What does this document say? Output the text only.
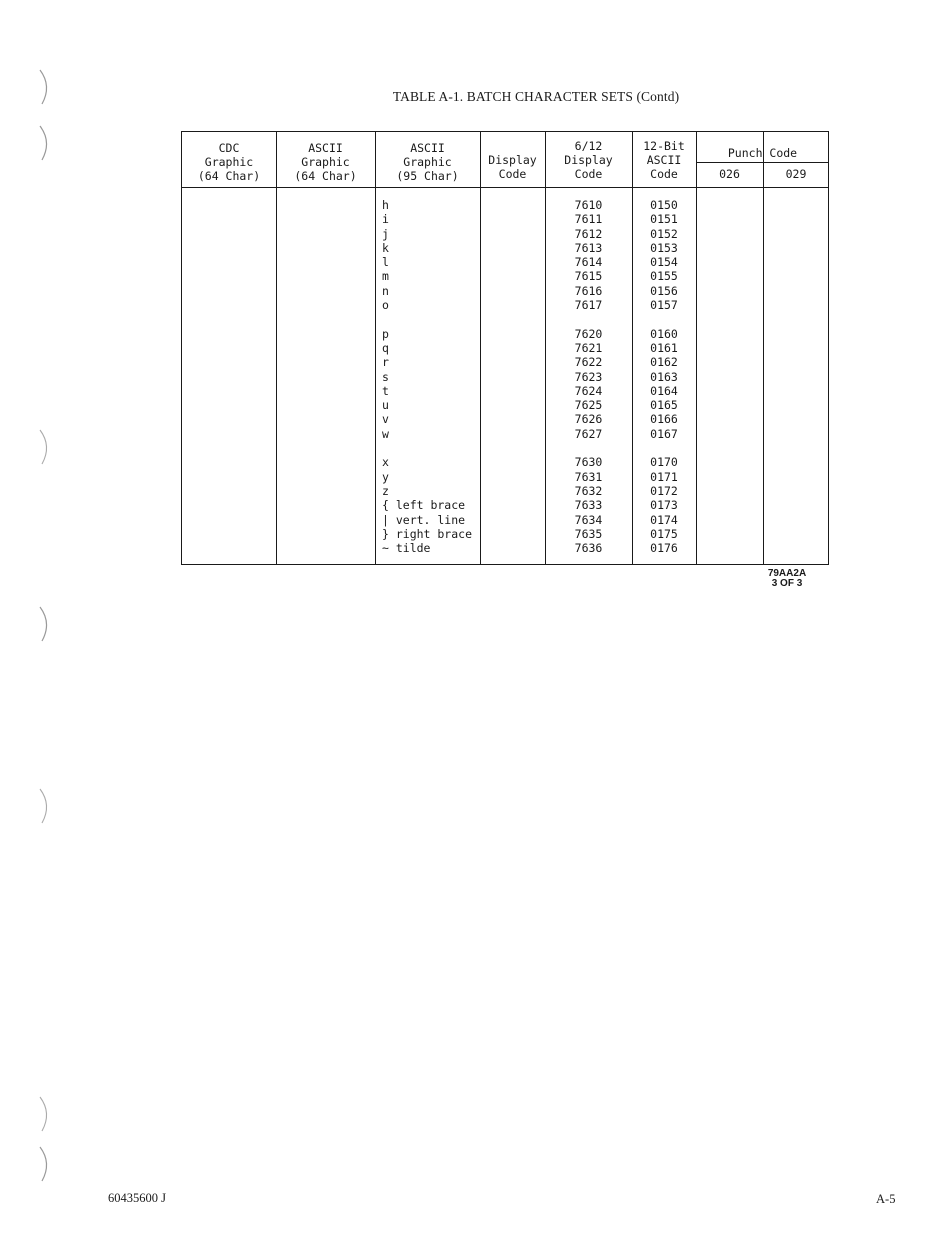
TABLE A-1. BATCH CHARACTER SETS (Contd)
CDC
Graphic
(64 Char)
ASCII
Graphic
(64 Char)
ASCII
Graphic
(95 Char)
Display
Code
6/12
Display
Code
12-Bit
ASCII
Code
Punch Code
026	029
h
i
j
k
l
m
n
o
p
q
r
s
t
u
v
w
x
y
z
{ left brace
| vert. line
} right brace
~ tilde
7610
7611
7612
7613
7614
7615
7616
7617
7620
7621
7622
7623
7624
7625
7626
7627
7630
7631
7632
7633
7634
7635
7636
0150
0151
0152
0153
0154
0155
0156
0157
0160
0161
0162
0163
0164
0165
0166
0167
0170
0171
0172
0173
0174
0175
0176
79AA2A
3 OF 3
60435600 J	A-5
